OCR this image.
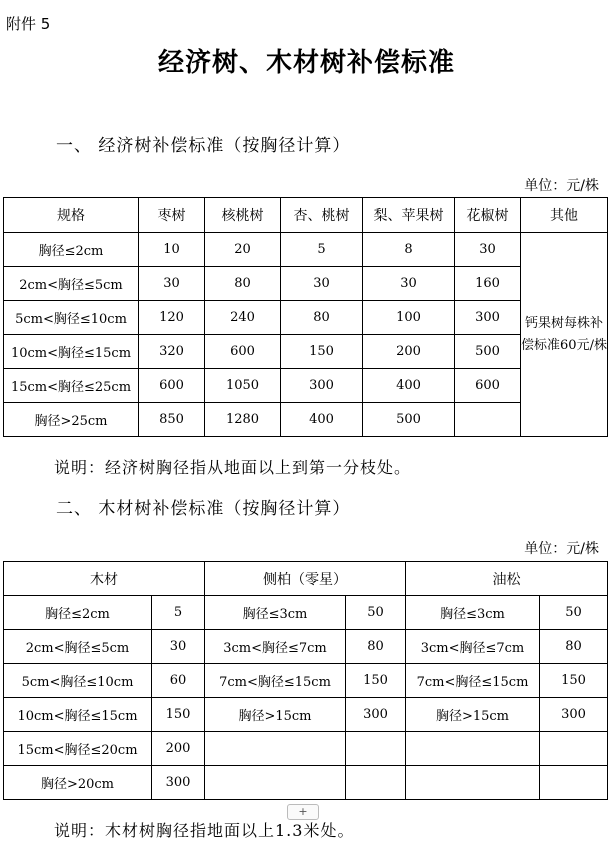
附件 5
经济树、木材树补偿标准
一、 经济树补偿标准（按胸径计算）
单位：元/株
规格	枣树	核桃树	杏、桃树	梨、苹果树	花椒树	其他
胸径≤2cm	10	20	5	8	30	钙果树每株补偿标准60元/株
2cm<胸径≤5cm	30	80	30	30	160	
5cm<胸径≤10cm	120	240	80	100	300	
10cm<胸径≤15cm	320	600	150	200	500	
15cm<胸径≤25cm	600	1050	300	400	600	
胸径>25cm	850	1280	400	500		
说明：经济树胸径指从地面以上到第一分枝处。
二、 木材树补偿标准（按胸径计算）
单位：元/株
木材		侧柏（零星）		油松	
胸径≤2cm	5	胸径≤3cm	50	胸径≤3cm	50
2cm<胸径≤5cm	30	3cm<胸径≤7cm	80	3cm<胸径≤7cm	80
5cm<胸径≤10cm	60	7cm<胸径≤15cm	150	7cm<胸径≤15cm	150
10cm<胸径≤15cm	150	胸径>15cm	300	胸径>15cm	300
15cm<胸径≤20cm	200				
胸径>20cm	300				
说明：木材树胸径指地面以上1.3米处。
+
